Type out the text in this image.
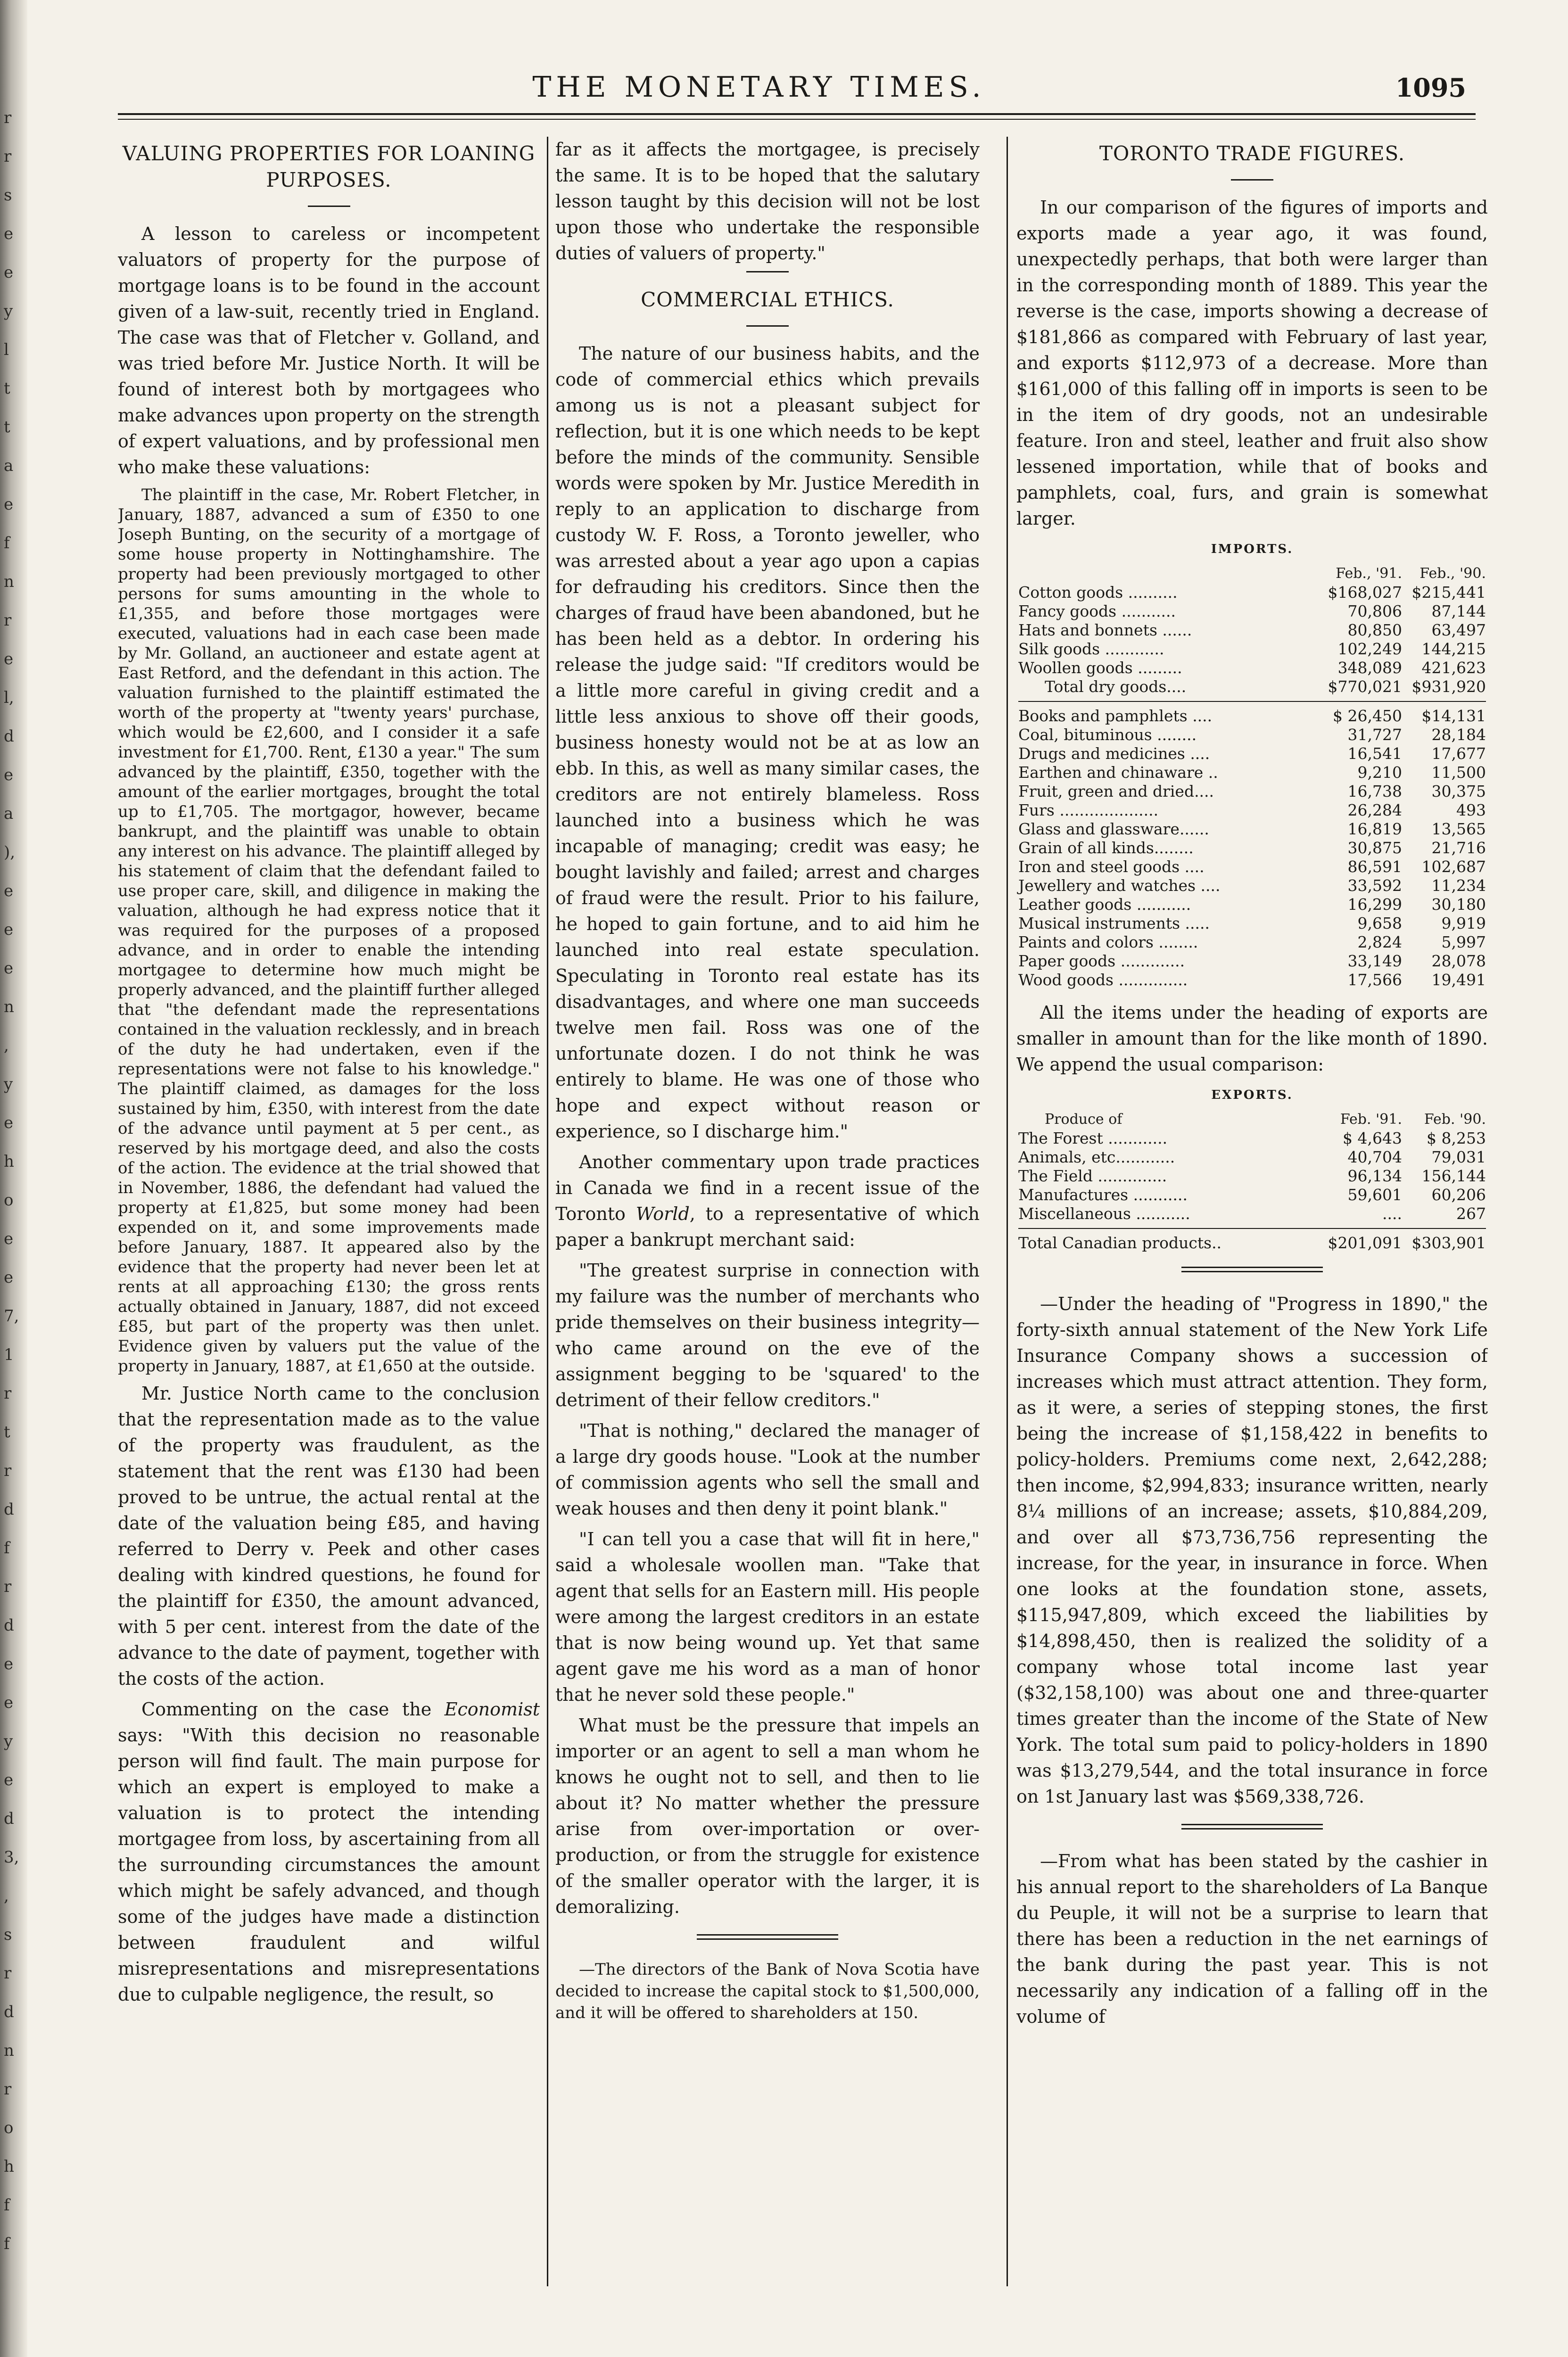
r
r
s
e
e
y
l
t
t
a
e
f
n
r
e
l,
d
e
a
),
e
e
e
n
,
y
e
h
o
e
e
7,
1
r
t
r
d
f
r
d
e
e
y
e
d
3,
,
s
r
d
n
r
o
h
f
f
THE MONETARY TIMES.	1095
VALUING PROPERTIES FOR LOANING PURPOSES.

A lesson to careless or incompetent valuators of property for the purpose of mortgage loans is to be found in the account given of a law-suit, recently tried in England. The case was that of Fletcher v. Golland, and was tried before Mr. Justice North. It will be found of interest both by mortgagees who make advances upon property on the strength of expert valuations, and by professional men who make these valuations:

The plaintiff in the case, Mr. Robert Fletcher, in January, 1887, advanced a sum of £350 to one Joseph Bunting, on the security of a mortgage of some house property in Nottinghamshire. The property had been previously mortgaged to other persons for sums amounting in the whole to £1,355, and before those mortgages were executed, valuations had in each case been made by Mr. Golland, an auctioneer and estate agent at East Retford, and the defendant in this action. The valuation furnished to the plaintiff estimated the worth of the property at "twenty years' purchase, which would be £2,600, and I consider it a safe investment for £1,700. Rent, £130 a year." The sum advanced by the plaintiff, £350, together with the amount of the earlier mortgages, brought the total up to £1,705. The mortgagor, however, became bankrupt, and the plaintiff was unable to obtain any interest on his advance. The plaintiff alleged by his statement of claim that the defendant failed to use proper care, skill, and diligence in making the valuation, although he had express notice that it was required for the purposes of a proposed advance, and in order to enable the intending mortgagee to determine how much might be properly advanced, and the plaintiff further alleged that "the defendant made the representations contained in the valuation recklessly, and in breach of the duty he had undertaken, even if the representations were not false to his knowledge." The plaintiff claimed, as damages for the loss sustained by him, £350, with interest from the date of the advance until payment at 5 per cent., as reserved by his mortgage deed, and also the costs of the action. The evidence at the trial showed that in November, 1886, the defendant had valued the property at £1,825, but some money had been expended on it, and some improvements made before January, 1887. It appeared also by the evidence that the property had never been let at rents at all approaching £130; the gross rents actually obtained in January, 1887, did not exceed £85, but part of the property was then unlet. Evidence given by valuers put the value of the property in January, 1887, at £1,650 at the outside.

Mr. Justice North came to the conclusion that the representation made as to the value of the property was fraudulent, as the statement that the rent was £130 had been proved to be untrue, the actual rental at the date of the valuation being £85, and having referred to Derry v. Peek and other cases dealing with kindred questions, he found for the plaintiff for £350, the amount advanced, with 5 per cent. interest from the date of the advance to the date of payment, together with the costs of the action.

Commenting on the case the Economist says: "With this decision no reasonable person will find fault. The main purpose for which an expert is employed to make a valuation is to protect the intending mortgagee from loss, by ascertaining from all the surrounding circumstances the amount which might be safely advanced, and though some of the judges have made a distinction between fraudulent and wilful misrepresentations and misrepresentations due to culpable negligence, the result, so

far as it affects the mortgagee, is precisely the same. It is to be hoped that the salutary lesson taught by this decision will not be lost upon those who undertake the responsible duties of valuers of property."

COMMERCIAL ETHICS.

The nature of our business habits, and the code of commercial ethics which prevails among us is not a pleasant subject for reflection, but it is one which needs to be kept before the minds of the community. Sensible words were spoken by Mr. Justice Meredith in reply to an application to discharge from custody W. F. Ross, a Toronto jeweller, who was arrested about a year ago upon a capias for defrauding his creditors. Since then the charges of fraud have been abandoned, but he has been held as a debtor. In ordering his release the judge said: "If creditors would be a little more careful in giving credit and a little less anxious to shove off their goods, business honesty would not be at as low an ebb. In this, as well as many similar cases, the creditors are not entirely blameless. Ross launched into a business which he was incapable of managing; credit was easy; he bought lavishly and failed; arrest and charges of fraud were the result. Prior to his failure, he hoped to gain fortune, and to aid him he launched into real estate speculation. Speculating in Toronto real estate has its disadvantages, and where one man succeeds twelve men fail. Ross was one of the unfortunate dozen. I do not think he was entirely to blame. He was one of those who hope and expect without reason or experience, so I discharge him."

Another commentary upon trade practices in Canada we find in a recent issue of the Toronto World, to a representative of which paper a bankrupt merchant said:

"The greatest surprise in connection with my failure was the number of merchants who pride themselves on their business integrity—who came around on the eve of the assignment begging to be 'squared' to the detriment of their fellow creditors."

"That is nothing," declared the manager of a large dry goods house. "Look at the number of commission agents who sell the small and weak houses and then deny it point blank."

"I can tell you a case that will fit in here," said a wholesale woollen man. "Take that agent that sells for an Eastern mill. His people were among the largest creditors in an estate that is now being wound up. Yet that same agent gave me his word as a man of honor that he never sold these people."

What must be the pressure that impels an importer or an agent to sell a man whom he knows he ought not to sell, and then to lie about it? No matter whether the pressure arise from over-importation or over-production, or from the struggle for existence of the smaller operator with the larger, it is demoralizing.

—The directors of the Bank of Nova Scotia have decided to increase the capital stock to $1,500,000, and it will be offered to shareholders at 150.

TORONTO TRADE FIGURES.

In our comparison of the figures of imports and exports made a year ago, it was found, unexpectedly perhaps, that both were larger than in the corresponding month of 1889. This year the reverse is the case, imports showing a decrease of $181,866 as compared with February of last year, and exports $112,973 of a decrease. More than $161,000 of this falling off in imports is seen to be in the item of dry goods, not an undesirable feature. Iron and steel, leather and fruit also show lessened importation, while that of books and pamphlets, coal, furs, and grain is somewhat larger.

IMPORTS.
	Feb., '91.	Feb., '90.
Cotton goods ..........	$168,027	$215,441
Fancy goods ...........	70,806	87,144
Hats and bonnets ......	80,850	63,497
Silk goods ............	102,249	144,215
Woollen goods .........	348,089	421,623
Total dry goods....	$770,021	$931,920

Books and pamphlets ....	$ 26,450	$14,131
Coal, bituminous ........	31,727	28,184
Drugs and medicines ....	16,541	17,677
Earthen and chinaware ..	9,210	11,500
Fruit, green and dried....	16,738	30,375
Furs ....................	26,284	493
Glass and glassware......	16,819	13,565
Grain of all kinds........	30,875	21,716
Iron and steel goods ....	86,591	102,687
Jewellery and watches ....	33,592	11,234
Leather goods ...........	16,299	30,180
Musical instruments .....	9,658	9,919
Paints and colors ........	2,824	5,997
Paper goods .............	33,149	28,078
Wood goods ..............	17,566	19,491

All the items under the heading of exports are smaller in amount than for the like month of 1890. We append the usual comparison:

EXPORTS.
Produce of	Feb. '91.	Feb. '90.
The Forest ............	$ 4,643	$ 8,253
Animals, etc............	40,704	79,031
The Field ..............	96,134	156,144
Manufactures ...........	59,601	60,206
Miscellaneous ...........	....	267

Total Canadian products..	$201,091	$303,901

—Under the heading of "Progress in 1890," the forty-sixth annual statement of the New York Life Insurance Company shows a succession of increases which must attract attention. They form, as it were, a series of stepping stones, the first being the increase of $1,158,422 in benefits to policy-holders. Premiums come next, 2,642,288; then income, $2,994,833; insurance written, nearly 8¼ millions of an increase; assets, $10,884,209, and over all $73,736,756 representing the increase, for the year, in insurance in force. When one looks at the foundation stone, assets, $115,947,809, which exceed the liabilities by $14,898,450, then is realized the solidity of a company whose total income last year ($32,158,100) was about one and three-quarter times greater than the income of the State of New York. The total sum paid to policy-holders in 1890 was $13,279,544, and the total insurance in force on 1st January last was $569,338,726.

—From what has been stated by the cashier in his annual report to the shareholders of La Banque du Peuple, it will not be a surprise to learn that there has been a reduction in the net earnings of the bank during the past year. This is not necessarily any indication of a falling off in the volume of
